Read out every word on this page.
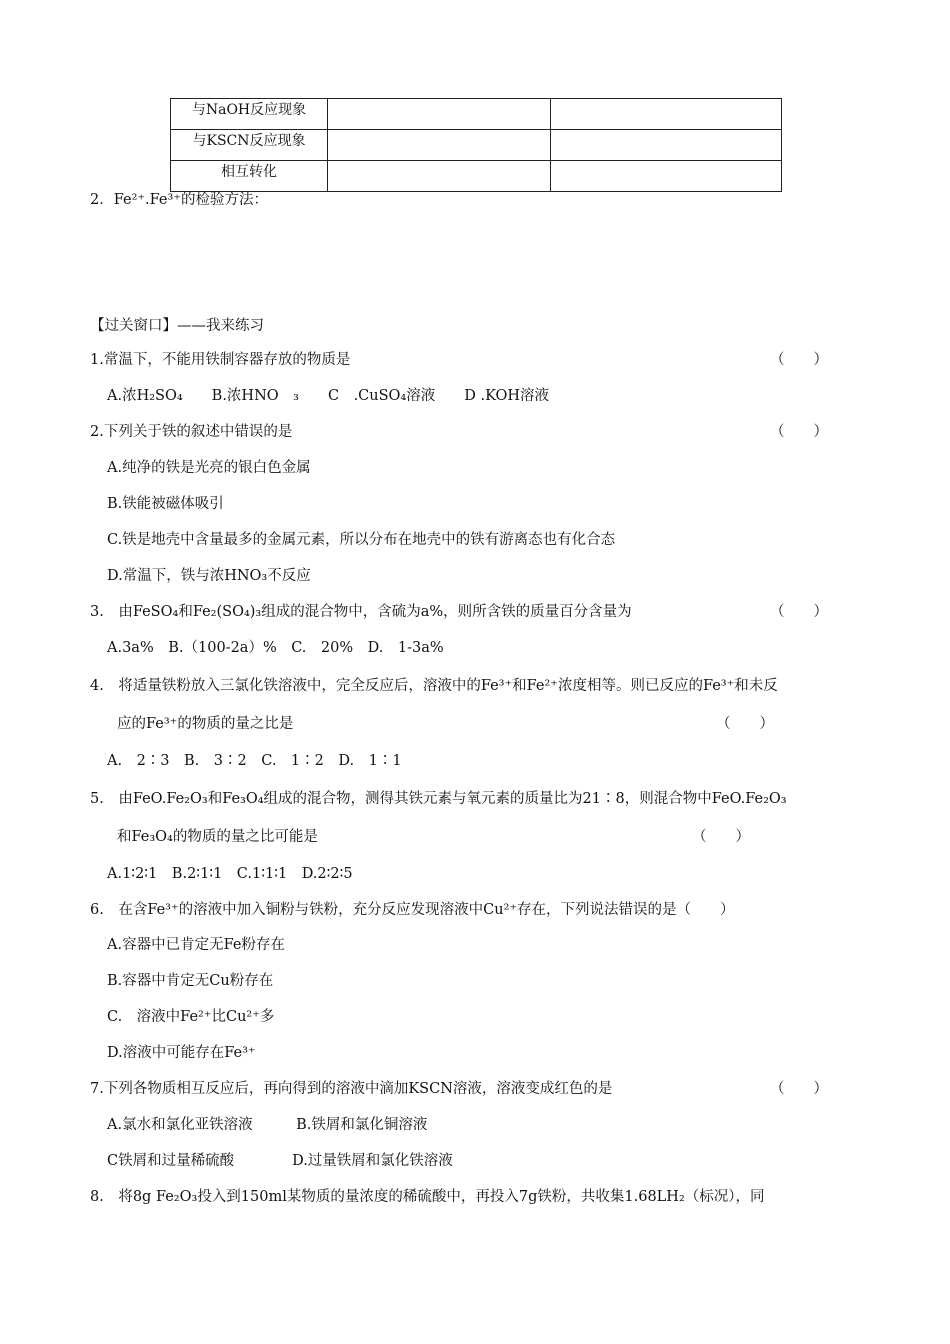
与NaOH反应现象		
与KSCN反应现象		
相互转化		
2．Fe²⁺.Fe³⁺的检验方法：
【过关窗口】——我来练习
1.常温下，不能用铁制容器存放的物质是	（　　）
A.浓H₂SO₄　　B.浓HNO　₃　　C　.CuSO₄溶液　　D .KOH溶液
2.下列关于铁的叙述中错误的是	（　　）
A.纯净的铁是光亮的银白色金属
B.铁能被磁体吸引
C.铁是地壳中含量最多的金属元素，所以分布在地壳中的铁有游离态也有化合态
D.常温下，铁与浓HNO₃不反应
3.　由FeSO₄和Fe₂(SO₄)₃组成的混合物中，含硫为a%，则所含铁的质量百分含量为	（　　）
A.3a%　B.（100-2a）%　C.　20%　D.　1-3a%
4.　将适量铁粉放入三氯化铁溶液中，完全反应后，溶液中的Fe³⁺和Fe²⁺浓度相等。则已反应的Fe³⁺和未反
应的Fe³⁺的物质的量之比是	（　　）
A.　2∶3　B.　3∶2　C.　1∶2　D.　1∶1
5.　由FeO.Fe₂O₃和Fe₃O₄组成的混合物，测得其铁元素与氧元素的质量比为21∶8，则混合物中FeO.Fe₂O₃
和Fe₃O₄的物质的量之比可能是	（　　）
A.1∶2∶1　B.2∶1∶1　C.1∶1∶1　D.2∶2∶5
6.　在含Fe³⁺的溶液中加入铜粉与铁粉，充分反应发现溶液中Cu²⁺存在，下列说法错误的是（　　）
A.容器中已肯定无Fe粉存在
B.容器中肯定无Cu粉存在
C.　溶液中Fe²⁺比Cu²⁺多
D.溶液中可能存在Fe³⁺
7.下列各物质相互反应后，再向得到的溶液中滴加KSCN溶液，溶液变成红色的是	（　　）
A.氯水和氯化亚铁溶液　　　B.铁屑和氯化铜溶液
C铁屑和过量稀硫酸　　　　D.过量铁屑和氯化铁溶液
8.　将8g Fe₂O₃投入到150ml某物质的量浓度的稀硫酸中，再投入7g铁粉，共收集1.68LH₂（标况），同
